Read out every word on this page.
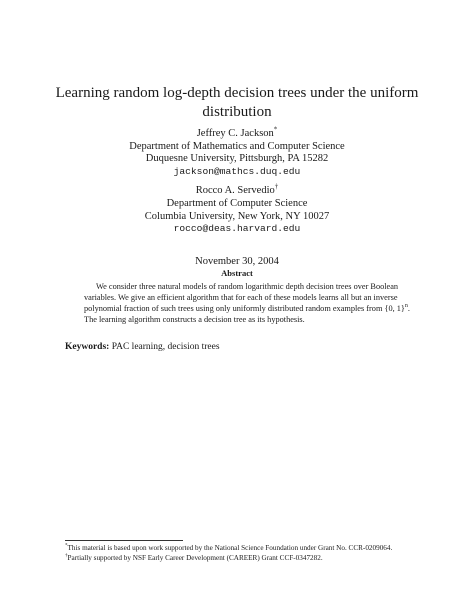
Learning random log-depth decision trees under the uniform
distribution
Jeffrey C. Jackson*
Department of Mathematics and Computer Science
Duquesne University, Pittsburgh, PA 15282
jackson@mathcs.duq.edu
Rocco A. Servedio†
Department of Computer Science
Columbia University, New York, NY 10027
rocco@deas.harvard.edu
November 30, 2004
Abstract
We consider three natural models of random logarithmic depth decision trees over Boolean
variables. We give an efficient algorithm that for each of these models learns all but an inverse
polynomial fraction of such trees using only uniformly distributed random examples from {0, 1}$^n$.
The learning algorithm constructs a decision tree as its hypothesis.
Keywords: PAC learning, decision trees
*This material is based upon work supported by the National Science Foundation under Grant No. CCR-0209064.
†Partially supported by NSF Early Career Development (CAREER) Grant CCF-0347282.
